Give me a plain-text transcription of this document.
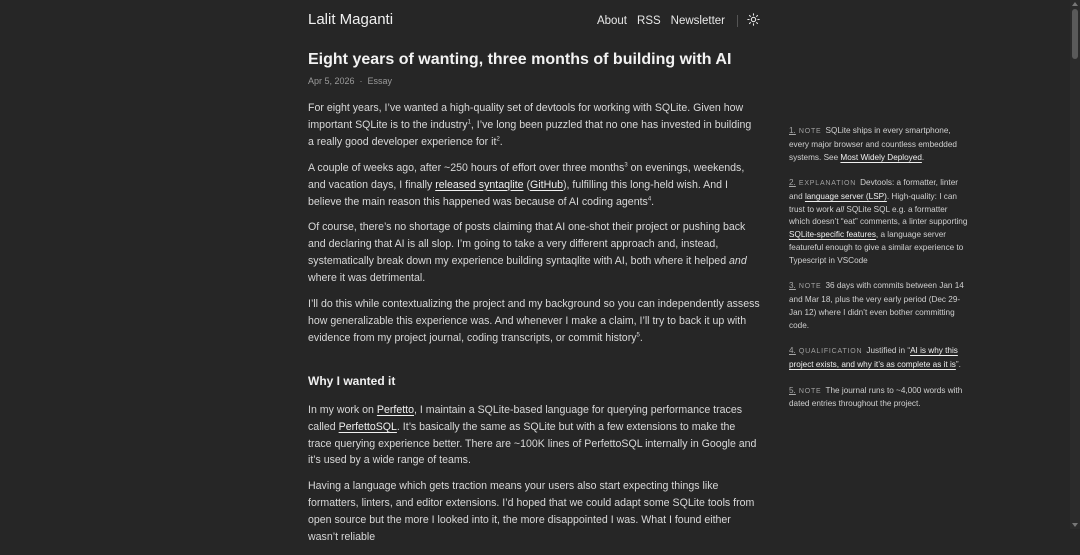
Lalit Maganti	About RSS Newsletter
Eight years of wanting, three months of building with AI
Apr 5, 2026 · Essay

For eight years, I’ve wanted a high-quality set of devtools for working with SQLite. Given how important SQLite is to the industry$^1$, I’ve long been puzzled that no one has invested in building a really good developer experience for $it^2$.

A couple of weeks ago, after ~250 hours of effort over three months$^3$ on evenings, weekends, and vacation days, I finally released syntaqlite (GitHub), fulfilling this long-held wish. And I believe the main reason this happened was because of AI coding agents$^4$.

Of course, there’s no shortage of posts claiming that AI one-shot their project or pushing back and declaring that AI is all slop. I’m going to take a very different approach and, instead, systematically break down my experience building syntaqlite with AI, both where it helped and where it was detrimental.

I’ll do this while contextualizing the project and my background so you can independently assess how generalizable this experience was. And whenever I make a claim, I’ll try to back it up with evidence from my project journal, coding transcripts, or commit history$^5$.

Why I wanted it

In my work on Perfetto, I maintain a SQLite-based language for querying performance traces called PerfettoSQL. It’s basically the same as SQLite but with a few extensions to make the trace querying experience better. There are ~100K lines of PerfettoSQL internally in Google and it’s used by a wide range of teams.

Having a language which gets traction means your users also start expecting things like formatters, linters, and editor extensions. I’d hoped that we could adapt some SQLite tools from open source but the more I looked into it, the more disappointed I was. What I found either wasn’t reliable

1. NOTE SQLite ships in every smartphone, every major browser and countless embedded systems. See Most Widely Deployed.
2. EXPLANATION Devtools: a formatter, linter and language server (LSP). High-quality: I can trust to work all SQLite SQL e.g. a formatter which doesn’t “eat” comments, a linter supporting SQLite-specific features, a language server featureful enough to give a similar experience to Typescript in VSCode
3. NOTE 36 days with commits between Jan 14 and Mar 18, plus the very early period (Dec 29-Jan 12) where I didn’t even bother committing code.
4. QUALIFICATION Justified in “AI is why this project exists, and why it’s as complete as it is”.
5. NOTE The journal runs to ~4,000 words with dated entries throughout the project.
